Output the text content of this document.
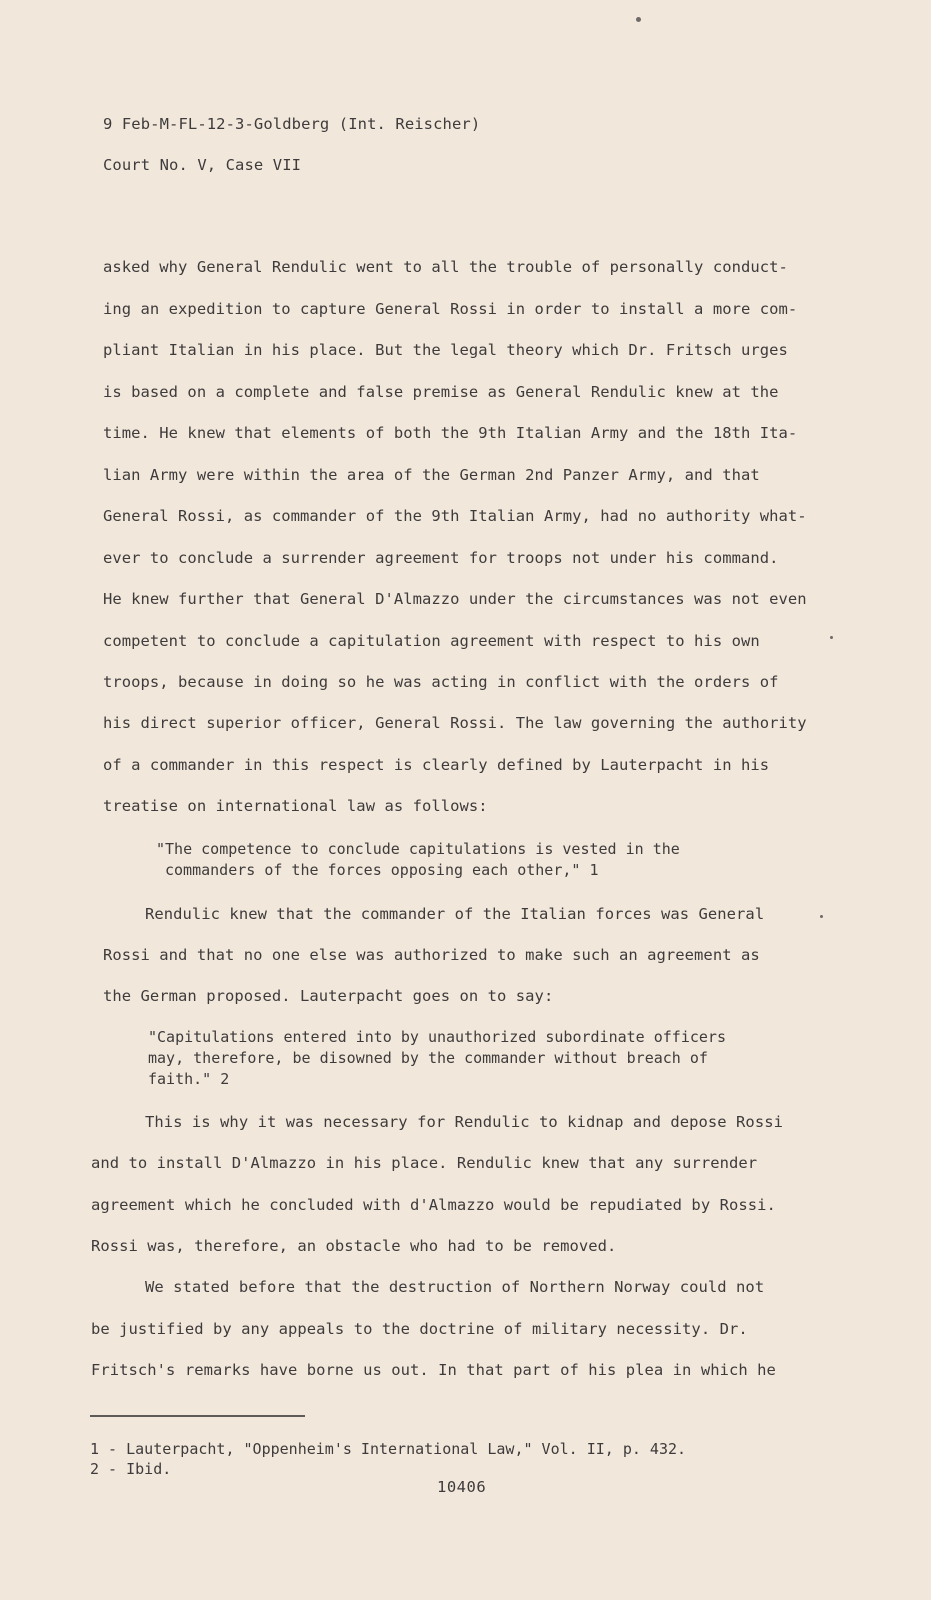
9 Feb-M-FL-12-3-Goldberg (Int. Reischer)
Court No. V, Case VII
asked why General Rendulic went to all the trouble of personally conduct-
ing an expedition to capture General Rossi in order to install a more com-
pliant Italian in his place. But the legal theory which Dr. Fritsch urges
is based on a complete and false premise as General Rendulic knew at the
time. He knew that elements of both the 9th Italian Army and the 18th Ita-
lian Army were within the area of the German 2nd Panzer Army, and that
General Rossi, as commander of the 9th Italian Army, had no authority what-
ever to conclude a surrender agreement for troops not under his command.
He knew further that General D'Almazzo under the circumstances was not even
competent to conclude a capitulation agreement with respect to his own
troops, because in doing so he was acting in conflict with the orders of
his direct superior officer, General Rossi. The law governing the authority
of a commander in this respect is clearly defined by Lauterpacht in his
treatise on international law as follows:
"The competence to conclude capitulations is vested in the
commanders of the forces opposing each other," 1
Rendulic knew that the commander of the Italian forces was General
Rossi and that no one else was authorized to make such an agreement as
the German proposed. Lauterpacht goes on to say:
"Capitulations entered into by unauthorized subordinate officers
may, therefore, be disowned by the commander without breach of
faith." 2
This is why it was necessary for Rendulic to kidnap and depose Rossi
and to install D'Almazzo in his place. Rendulic knew that any surrender
agreement which he concluded with d'Almazzo would be repudiated by Rossi.
Rossi was, therefore, an obstacle who had to be removed.
We stated before that the destruction of Northern Norway could not
be justified by any appeals to the doctrine of military necessity. Dr.
Fritsch's remarks have borne us out. In that part of his plea in which he
1 - Lauterpacht, "Oppenheim's International Law," Vol. II, p. 432.
2 - Ibid.
10406
